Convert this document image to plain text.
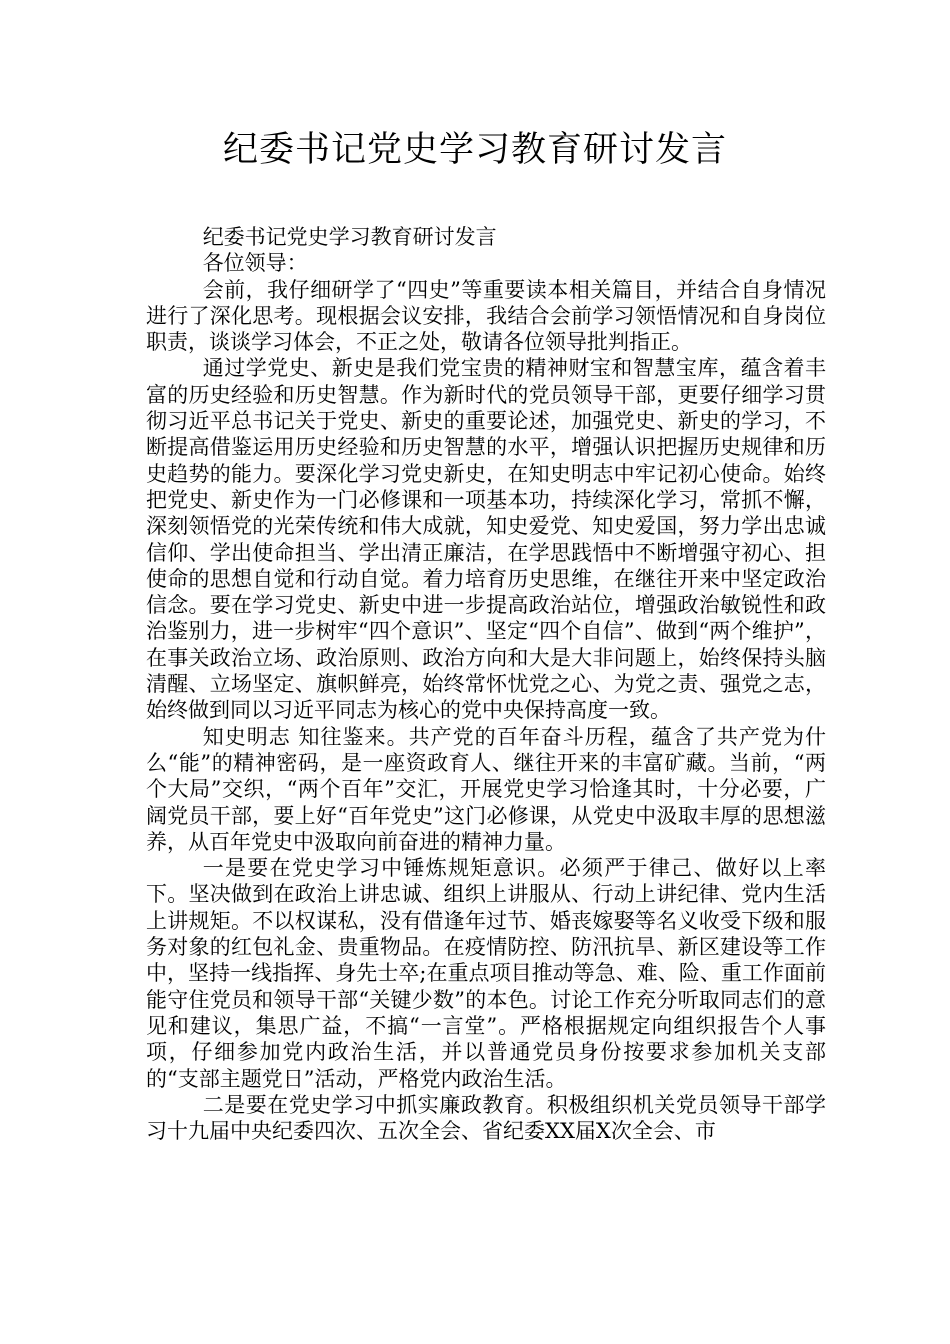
纪委书记党史学习教育研讨发言

纪委书记党史学习教育研讨发言

各位领导：

会前，我仔细研学了“四史”等重要读本相关篇目，并结合自身情况进行了深化思考。现根据会议安排，我结合会前学习领悟情况和自身岗位职责，谈谈学习体会，不正之处，敬请各位领导批判指正。

通过学党史、新史是我们党宝贵的精神财宝和智慧宝库，蕴含着丰富的历史经验和历史智慧。作为新时代的党员领导干部，更要仔细学习贯彻习近平总书记关于党史、新史的重要论述，加强党史、新史的学习，不断提高借鉴运用历史经验和历史智慧的水平，增强认识把握历史规律和历史趋势的能力。要深化学习党史新史，在知史明志中牢记初心使命。始终把党史、新史作为一门必修课和一项基本功，持续深化学习，常抓不懈，深刻领悟党的光荣传统和伟大成就，知史爱党、知史爱国，努力学出忠诚信仰、学出使命担当、学出清正廉洁，在学思践悟中不断增强守初心、担使命的思想自觉和行动自觉。着力培育历史思维，在继往开来中坚定政治信念。要在学习党史、新史中进一步提高政治站位，增强政治敏锐性和政治鉴别力，进一步树牢“四个意识”、坚定“四个自信”、做到“两个维护”，在事关政治立场、政治原则、政治方向和大是大非问题上，始终保持头脑清醒、立场坚定、旗帜鲜亮，始终常怀忧党之心、为党之责、强党之志，始终做到同以习近平同志为核心的党中央保持高度一致。

知史明志 知往鉴来。共产党的百年奋斗历程，蕴含了共产党为什么“能”的精神密码，是一座资政育人、继往开来的丰富矿藏。当前，“两个大局”交织，“两个百年”交汇，开展党史学习恰逢其时，十分必要，广阔党员干部，要上好“百年党史”这门必修课，从党史中汲取丰厚的思想滋养，从百年党史中汲取向前奋进的精神力量。

一是要在党史学习中锤炼规矩意识。必须严于律己、做好以上率下。坚决做到在政治上讲忠诚、组织上讲服从、行动上讲纪律、党内生活上讲规矩。不以权谋私，没有借逢年过节、婚丧嫁娶等名义收受下级和服务对象的红包礼金、贵重物品。在疫情防控、防汛抗旱、新区建设等工作中，坚持一线指挥、身先士卒;在重点项目推动等急、难、险、重工作面前能守住党员和领导干部“关键少数”的本色。讨论工作充分听取同志们的意见和建议，集思广益，不搞“一言堂”。严格根据规定向组织报告个人事项，仔细参加党内政治生活，并以普通党员身份按要求参加机关支部的“支部主题党日”活动，严格党内政治生活。

二是要在党史学习中抓实廉政教育。积极组织机关党员领导干部学习十九届中央纪委四次、五次全会、省纪委XX届X次全会、市
